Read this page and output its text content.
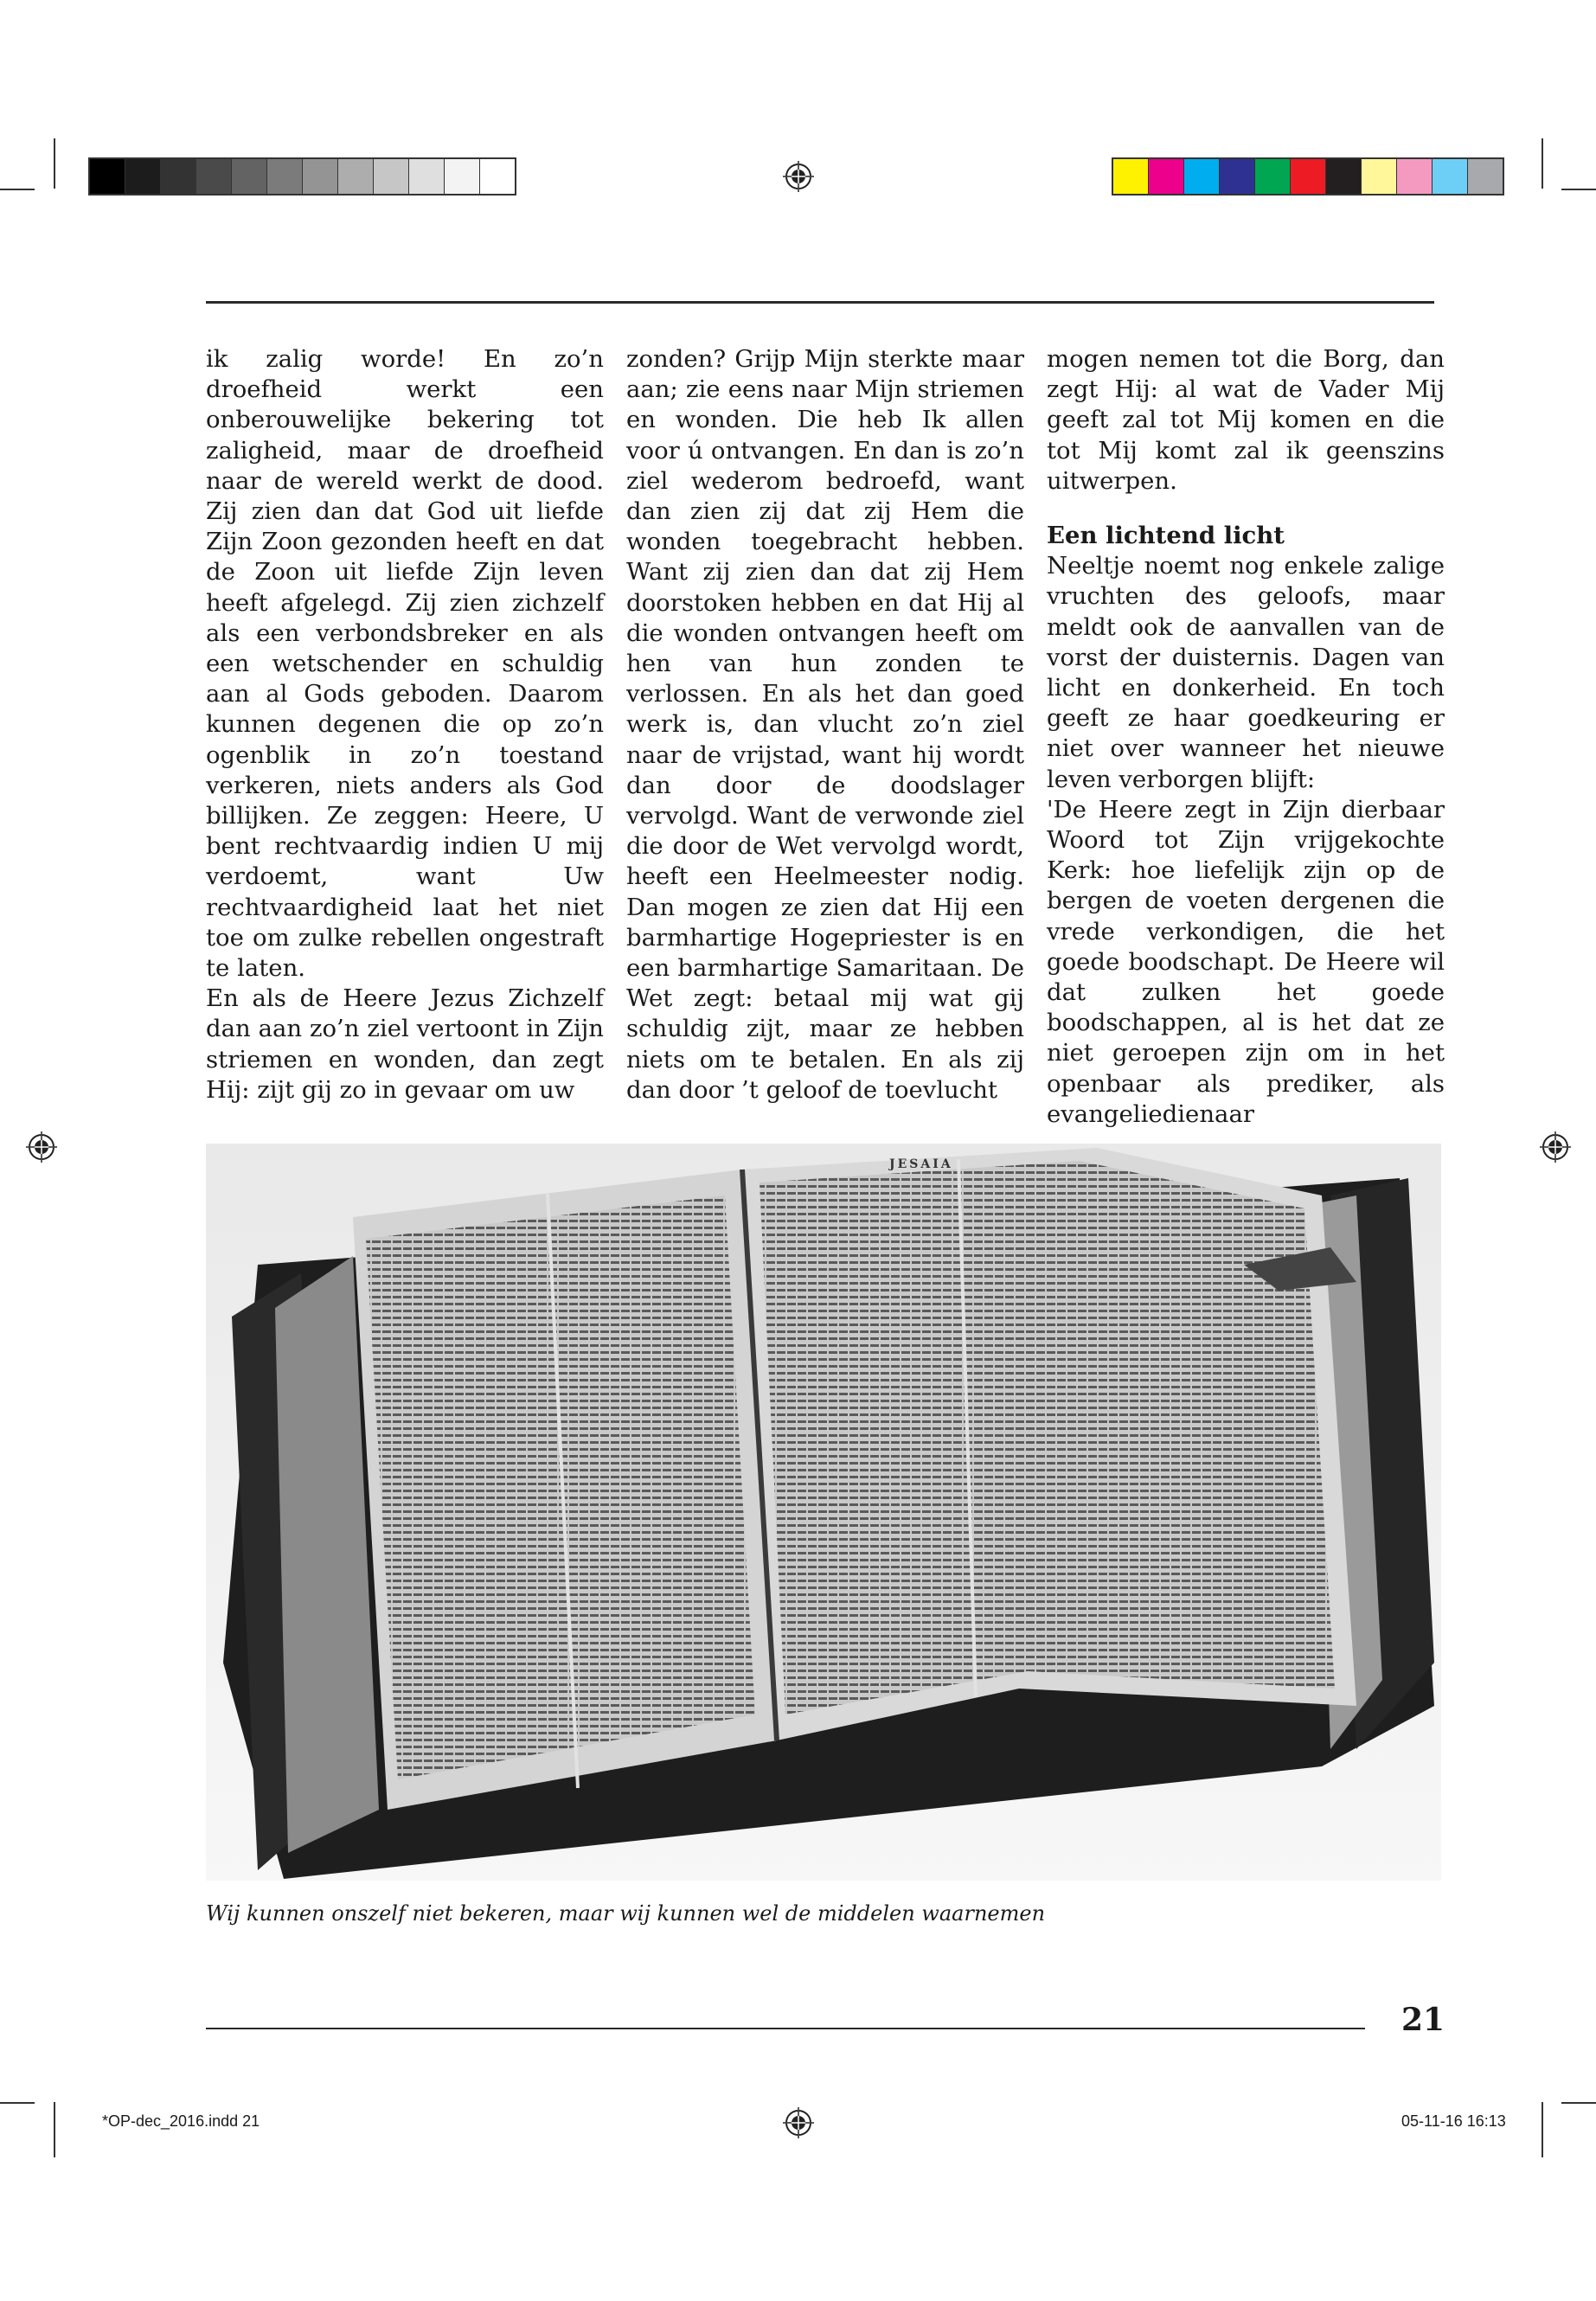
ik zalig worde! En zo’n droefheid werkt een onberouwelijke bekering tot zaligheid, maar de droefheid naar de wereld werkt de dood. Zij zien dan dat God uit liefde Zijn Zoon gezonden heeft en dat de Zoon uit liefde Zijn leven heeft afgelegd. Zij zien zichzelf als een verbondsbreker en als een wetschender en schuldig aan al Gods geboden. Daarom kunnen degenen die op zo’n ogenblik in zo’n toestand verkeren, niets anders als God billijken. Ze zeggen: Heere, U bent rechtvaardig indien U mij verdoemt, want Uw rechtvaardigheid laat het niet toe om zulke rebellen ongestraft te laten.

En als de Heere Jezus Zichzelf dan aan zo’n ziel vertoont in Zijn striemen en wonden, dan zegt Hij: zijt gij zo in gevaar om uw

zonden? Grijp Mijn sterkte maar aan; zie eens naar Mijn striemen en wonden. Die heb Ik allen voor ú ontvangen. En dan is zo’n ziel wederom bedroefd, want dan zien zij dat zij Hem die wonden toegebracht hebben. Want zij zien dan dat zij Hem doorstoken hebben en dat Hij al die wonden ontvangen heeft om hen van hun zonden te verlossen. En als het dan goed werk is, dan vlucht zo’n ziel naar de vrijstad, want hij wordt dan door de doodslager vervolgd. Want de verwonde ziel die door de Wet vervolgd wordt, heeft een Heelmeester nodig. Dan mogen ze zien dat Hij een barmhartige Hogepriester is en een barmhartige Samaritaan. De Wet zegt: betaal mij wat gij schuldig zijt, maar ze hebben niets om te betalen. En als zij dan door ’t geloof de toevlucht

mogen nemen tot die Borg, dan zegt Hij: al wat de Vader Mij geeft zal tot Mij komen en die tot Mij komt zal ik geenszins uitwerpen.

Een lichtend licht

Neeltje noemt nog enkele zalige vruchten des geloofs, maar meldt ook de aanvallen van de vorst der duisternis. Dagen van licht en donkerheid. En toch geeft ze haar goedkeuring er niet over wanneer het nieuwe leven verborgen blijft:

'De Heere zegt in Zijn dierbaar Woord tot Zijn vrijgekochte Kerk: hoe liefelijk zijn op de bergen de voeten dergenen die vrede verkondigen, die het goede boodschapt. De Heere wil dat zulken het goede boodschappen, al is het dat ze niet geroepen zijn om in het openbaar als prediker, als evangeliedienaar

JESAIA
Wij kunnen onszelf niet bekeren, maar wij kunnen wel de middelen waarnemen
21
*OP-dec_2016.indd 21	05-11-16 16:13
